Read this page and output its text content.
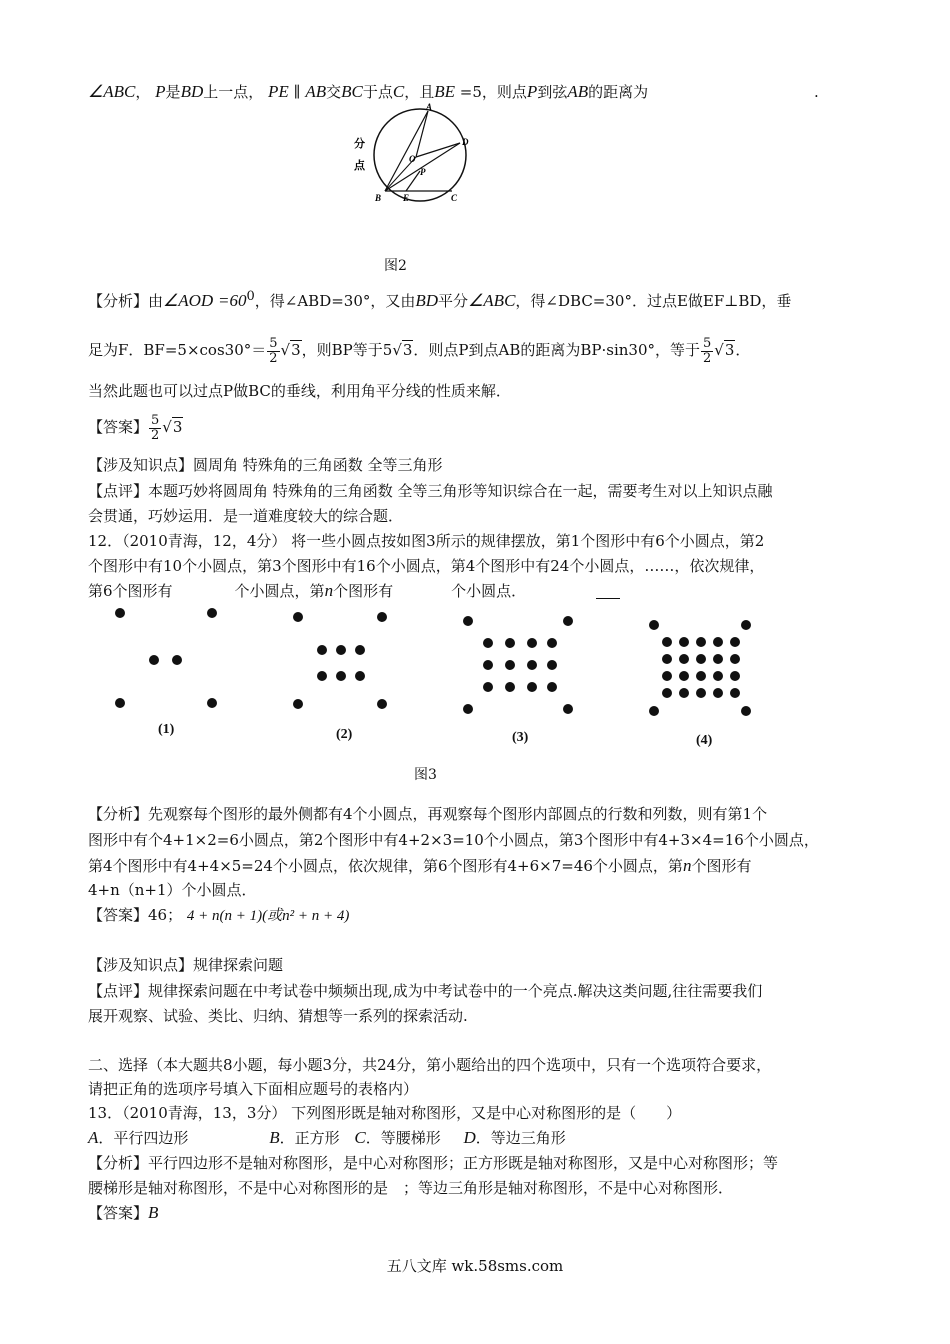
∠ABC， P是BD上一点， PE ∥ AB交BC于点C，且BE =5，则点P到弦AB的距离为	.
分
点
A
D
O
P
B E	C
图2
【分析】由∠AOD $=60^0$，得∠ABD=30°，又由BD平分∠ABC，得∠DBC=30°．过点E做EF⊥BD，垂
足为F．$BF=5\times\cos 30^\circ= \frac{5}{2} √3$，则BP等于5√3．则点P到点AB的距离为BP·sin30°，等于 $\frac{5}{2} √3$．
当然此题也可以过点P做BC的垂线，利用角平分线的性质来解．
【答案】 $\frac{5}{2} √3$
【涉及知识点】圆周角 特殊角的三角函数 全等三角形
【点评】本题巧妙将圆周角 特殊角的三角函数 全等三角形等知识综合在一起，需要考生对以上知识点融
会贯通，巧妙运用．是一道难度较大的综合题．
12．（2010青海，12，4分） 将一些小圆点按如图3所示的规律摆放，第1个图形中有6个小圆点，第2
个图形中有10个小圆点，第3个图形中有16个小圆点，第4个图形中有24个小圆点，……，依次规律，
第6个图形有	个小圆点，第n个图形有	个小圆点．
(1)	(2)	(3)	(4)
图3
【分析】先观察每个图形的最外侧都有4个小圆点，再观察每个图形内部圆点的行数和列数，则有第1个
图形中有个4+1×2=6小圆点，第2个图形中有4+2×3=10个小圆点，第3个图形中有4+3×4=16个小圆点，
第4个图形中有4+4×5=24个小圆点，依次规律，第6个图形有4+6×7=46个小圆点，第n个图形有
4+n（n+1）个小圆点．
【答案】46； 4 + n(n + 1)(或n² + n + 4)
【涉及知识点】规律探索问题
【点评】规律探索问题在中考试卷中频频出现,成为中考试卷中的一个亮点.解决这类问题,往往需要我们
展开观察、试验、类比、归纳、猜想等一系列的探索活动.
二、选择（本大题共8小题，每小题3分，共24分，第小题给出的四个选项中，只有一个选项符合要求，
请把正角的选项序号填入下面相应题号的表格内）
13．（2010青海，13，3分） 下列图形既是轴对称图形，又是中心对称图形的是（　　）
A．平行四边形	B．正方形 C．等腰梯形 D．等边三角形
【分析】平行四边形不是轴对称图形，是中心对称图形；正方形既是轴对称图形，又是中心对称图形；等
腰梯形是轴对称图形，不是中心对称图形的是　；等边三角形是轴对称图形，不是中心对称图形．
【答案】B
五八文库 wk.58sms.com
